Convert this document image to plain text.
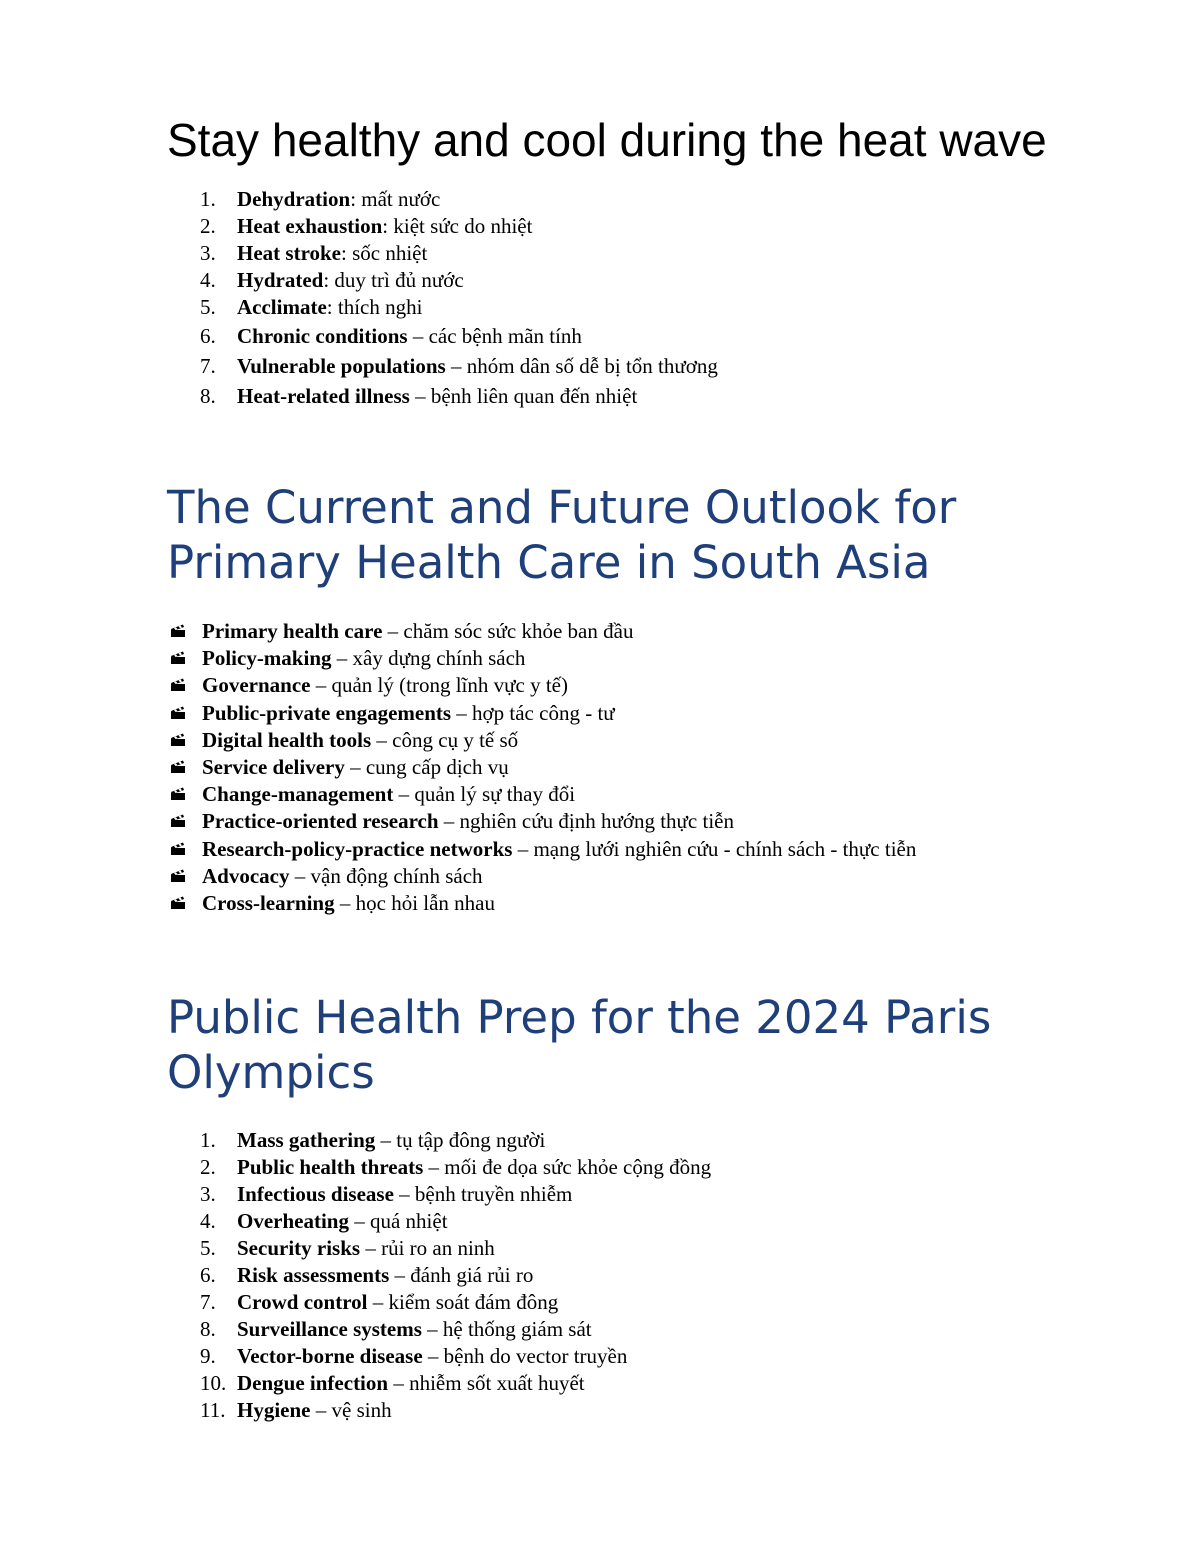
Stay healthy and cool during the heat wave
1. Dehydration: mất nước
2. Heat exhaustion: kiệt sức do nhiệt
3. Heat stroke: sốc nhiệt
4. Hydrated: duy trì đủ nước
5. Acclimate: thích nghi
6. Chronic conditions – các bệnh mãn tính
7. Vulnerable populations – nhóm dân số dễ bị tổn thương
8. Heat-related illness – bệnh liên quan đến nhiệt
The Current and Future Outlook for Primary Health Care in South Asia
Primary health care – chăm sóc sức khỏe ban đầu
Policy-making – xây dựng chính sách
Governance – quản lý (trong lĩnh vực y tế)
Public-private engagements – hợp tác công - tư
Digital health tools – công cụ y tế số
Service delivery – cung cấp dịch vụ
Change-management – quản lý sự thay đổi
Practice-oriented research – nghiên cứu định hướng thực tiễn
Research-policy-practice networks – mạng lưới nghiên cứu - chính sách - thực tiễn
Advocacy – vận động chính sách
Cross-learning – học hỏi lẫn nhau
Public Health Prep for the 2024 Paris Olympics
1. Mass gathering – tụ tập đông người
2. Public health threats – mối đe dọa sức khỏe cộng đồng
3. Infectious disease – bệnh truyền nhiễm
4. Overheating – quá nhiệt
5. Security risks – rủi ro an ninh
6. Risk assessments – đánh giá rủi ro
7. Crowd control – kiểm soát đám đông
8. Surveillance systems – hệ thống giám sát
9. Vector-borne disease – bệnh do vector truyền
10. Dengue infection – nhiễm sốt xuất huyết
11. Hygiene – vệ sinh
